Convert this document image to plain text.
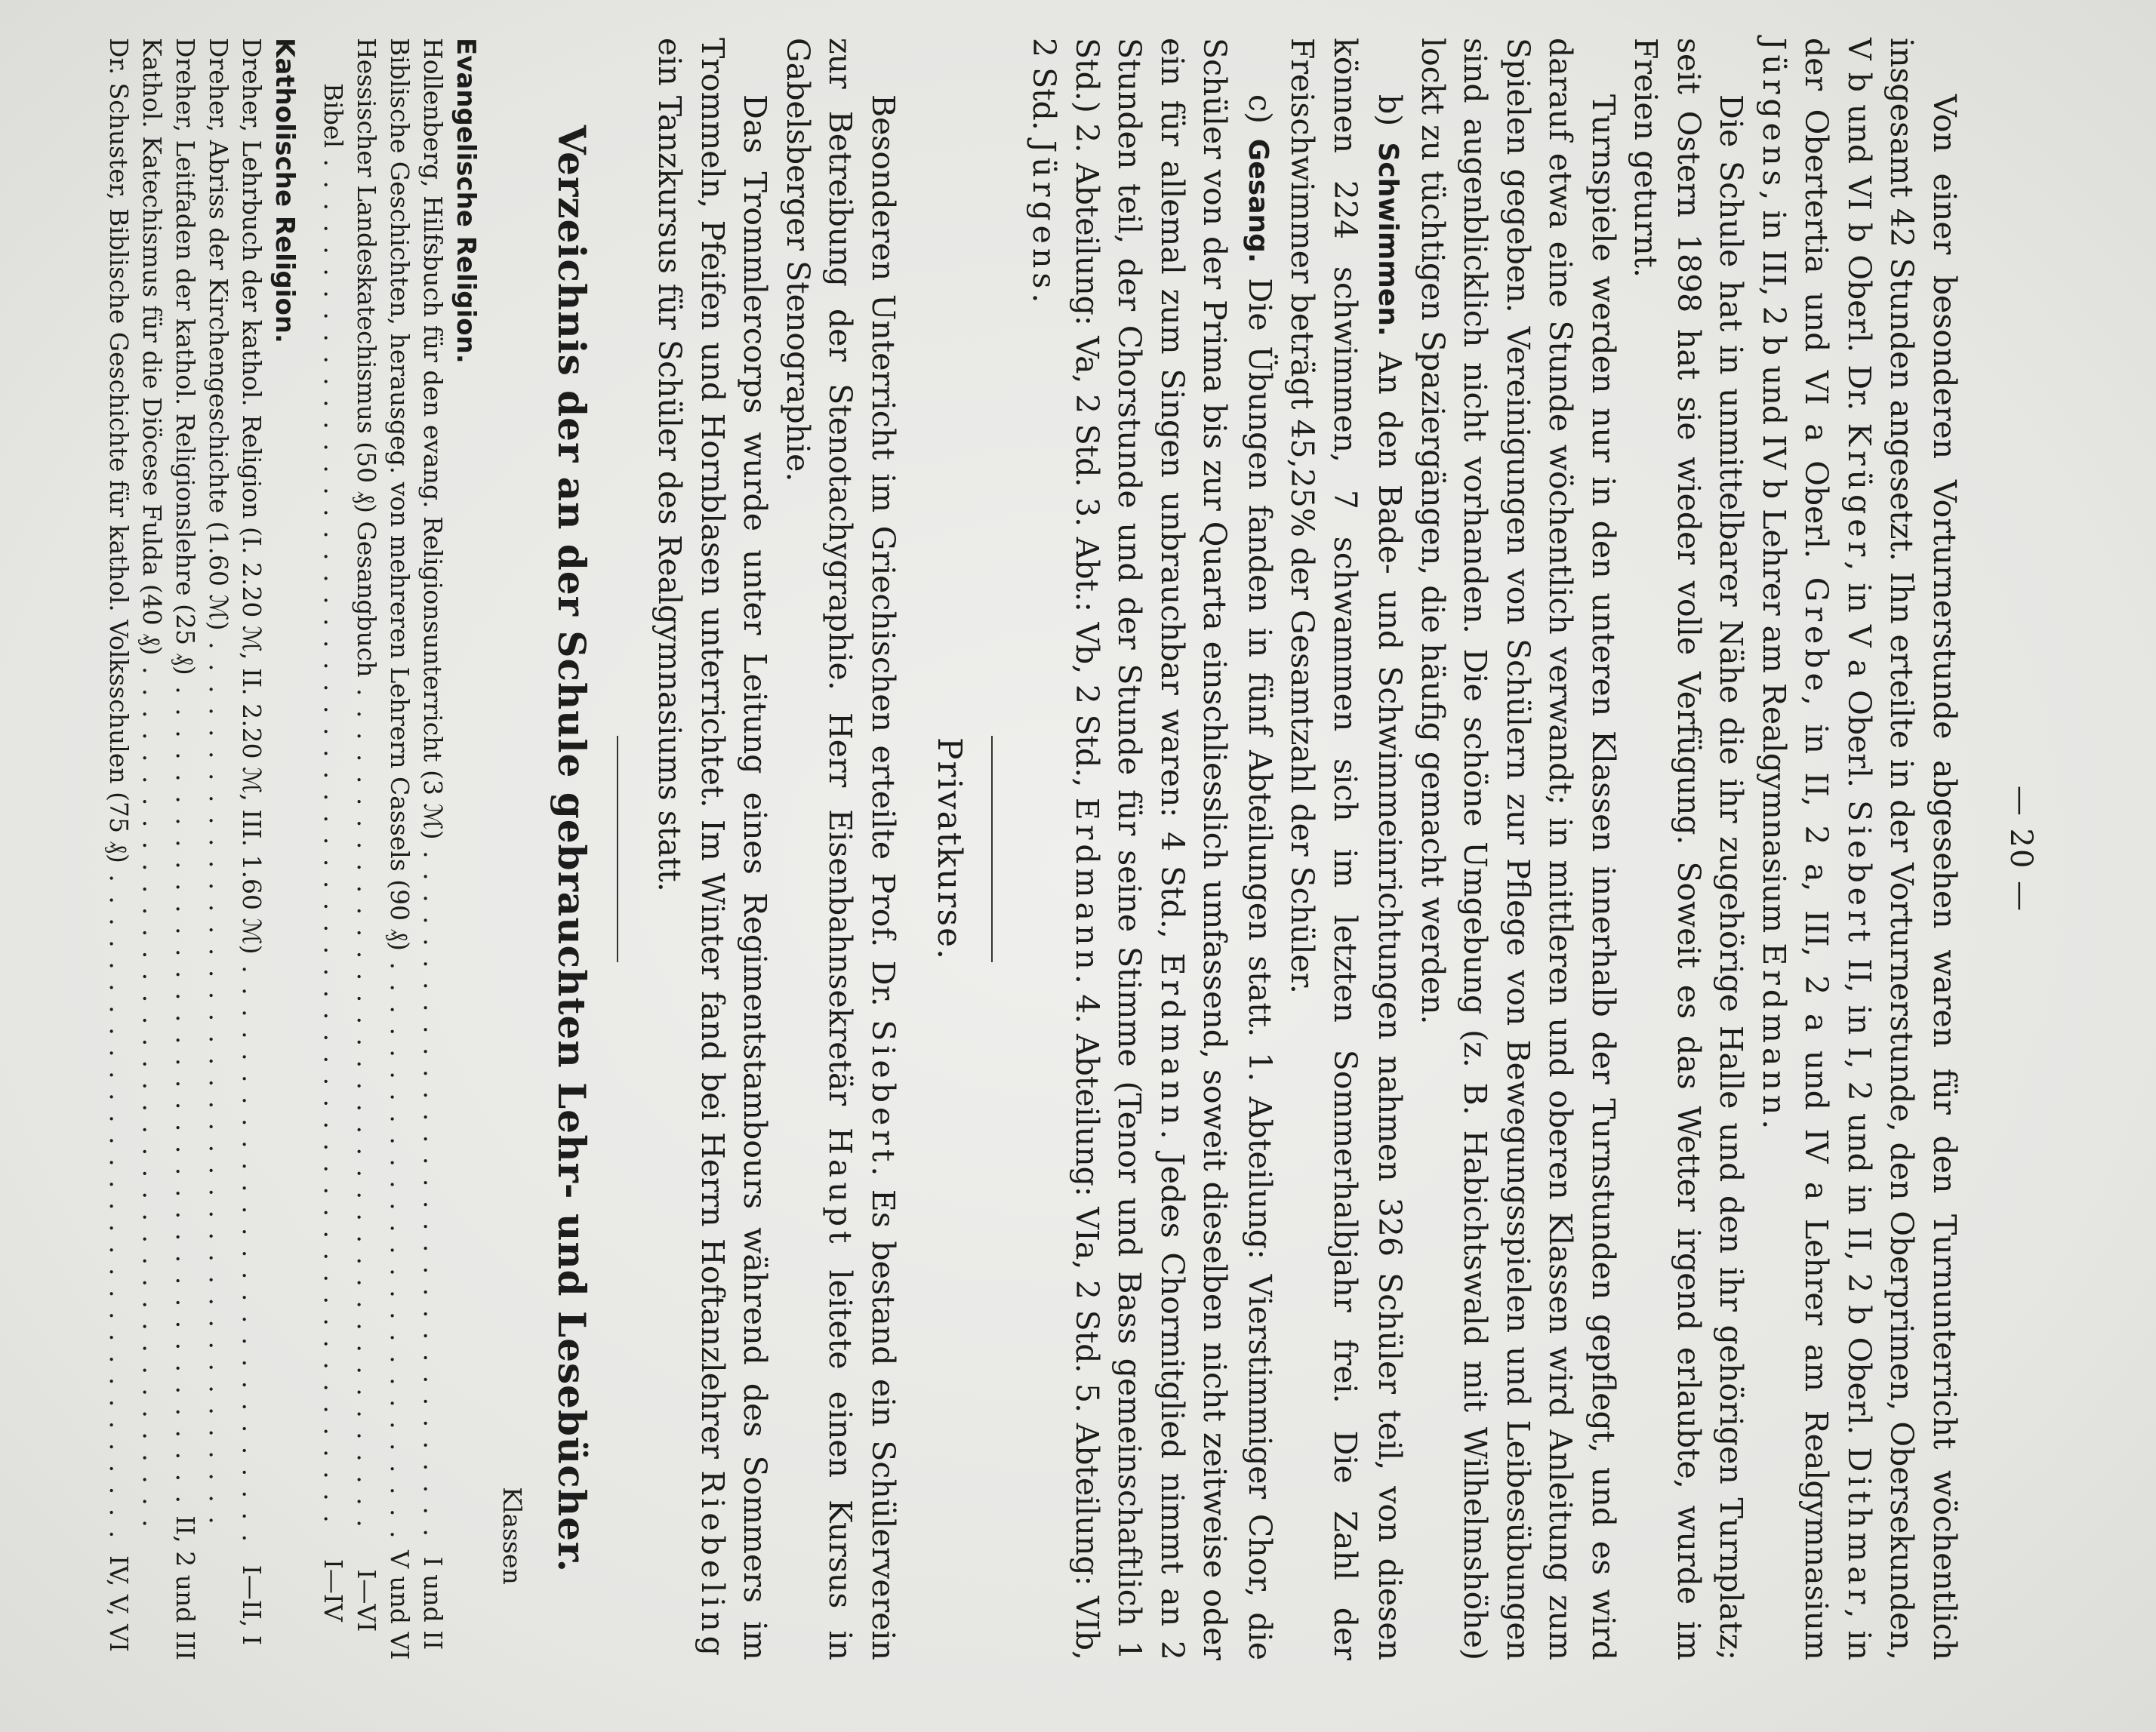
— 20 —

Von einer besonderen Vorturnerstunde abgesehen waren für den Turnunterricht wöchentlich insgesamt 42 Stunden angesetzt. Ihn erteilte in der Vorturnerstunde, den Oberprimen, Obersekunden, V b und VI b Oberl. Dr. Krüger, in V a Oberl. Siebert II, in I, 2 und in II, 2 b Oberl. Dithmar, in der Obertertia und VI a Oberl. Grebe, in II, 2 a, III, 2 a und IV a Lehrer am Realgymnasium Jürgens, in III, 2 b und IV b Lehrer am Realgymnasium Erdmann.

Die Schule hat in unmittelbarer Nähe die ihr zugehörige Halle und den ihr gehörigen Turnplatz; seit Ostern 1898 hat sie wieder volle Verfügung. Soweit es das Wetter irgend erlaubte, wurde im Freien geturnt.

Turnspiele werden nur in den unteren Klassen innerhalb der Turnstunden gepflegt, und es wird darauf etwa eine Stunde wöchentlich verwandt; in mittleren und oberen Klassen wird Anleitung zum Spielen gegeben. Vereinigungen von Schülern zur Pflege von Bewegungsspielen und Leibesübungen sind augenblicklich nicht vorhanden. Die schöne Umgebung (z. B. Habichtswald mit Wilhelmshöhe) lockt zu tüchtigen Spaziergängen, die häufig gemacht werden.

b) Schwimmen. An den Bade- und Schwimmeinrichtungen nahmen 326 Schüler teil, von diesen können 224 schwimmen, 7 schwammen sich im letzten Sommerhalbjahr frei. Die Zahl der Freischwimmer beträgt 45,25% der Gesamtzahl der Schüler.

c) Gesang. Die Übungen fanden in fünf Abteilungen statt. 1. Abteilung: Vierstimmiger Chor, die Schüler von der Prima bis zur Quarta einschliesslich umfassend, soweit dieselben nicht zeitweise oder ein für allemal zum Singen unbrauchbar waren: 4 Std., Erdmann. Jedes Chormitglied nimmt an 2 Stunden teil, der Chorstunde und der Stunde für seine Stimme (Tenor und Bass gemeinschaftlich 1 Std.) 2. Abteilung: Va, 2 Std. 3. Abt.: Vb, 2 Std., Erdmann. 4. Abteilung: VIa, 2 Std. 5. Abteilung: VIb, 2 Std. Jürgens.

Privatkurse.

Besonderen Unterricht im Griechischen erteilte Prof. Dr. Siebert. Es bestand ein Schülerverein zur Betreibung der Stenotachygraphie. Herr Eisenbahnsekretär Haupt leitete einen Kursus in Gabelsberger Stenographie.

Das Trommlercorps wurde unter Leitung eines Regimentstambours während des Sommers im Trommeln, Pfeifen und Hornblasen unterrichtet. Im Winter fand bei Herrn Hoftanzlehrer Riebeling ein Tanzkursus für Schüler des Realgymnasiums statt.

Verzeichnis der an der Schule gebrauchten Lehr- und Lesebücher.
Klassen
Evangelische Religion.
Hollenberg, Hilfsbuch für den evang. Religionsunterricht (3 ℳ) . . .
I und II
Biblische Geschichten, herausgeg. von mehreren Lehrern Cassels (90 ₰) . . .
V und VI
Hessischer Landeskatechismus (50 ₰) Gesangbuch . . .
I—VI
Bibel . . .
I—IV
Katholische Religion.
Dreher, Lehrbuch der kathol. Religion (I. 2.20 ℳ, II. 2.20 ℳ, III. 1.60 ℳ) . . .
I—II, I
Dreher, Abriss der Kirchengeschichte (1.60 ℳ) . . .
Dreher, Leitfaden der kathol. Religionslehre (25 ₰) . . .
II, 2 und III
Kathol. Katechismus für die Diöcese Fulda (40 ₰) . . .
Dr. Schuster, Biblische Geschichte für kathol. Volksschulen (75 ₰) . . .
IV, V, VI
